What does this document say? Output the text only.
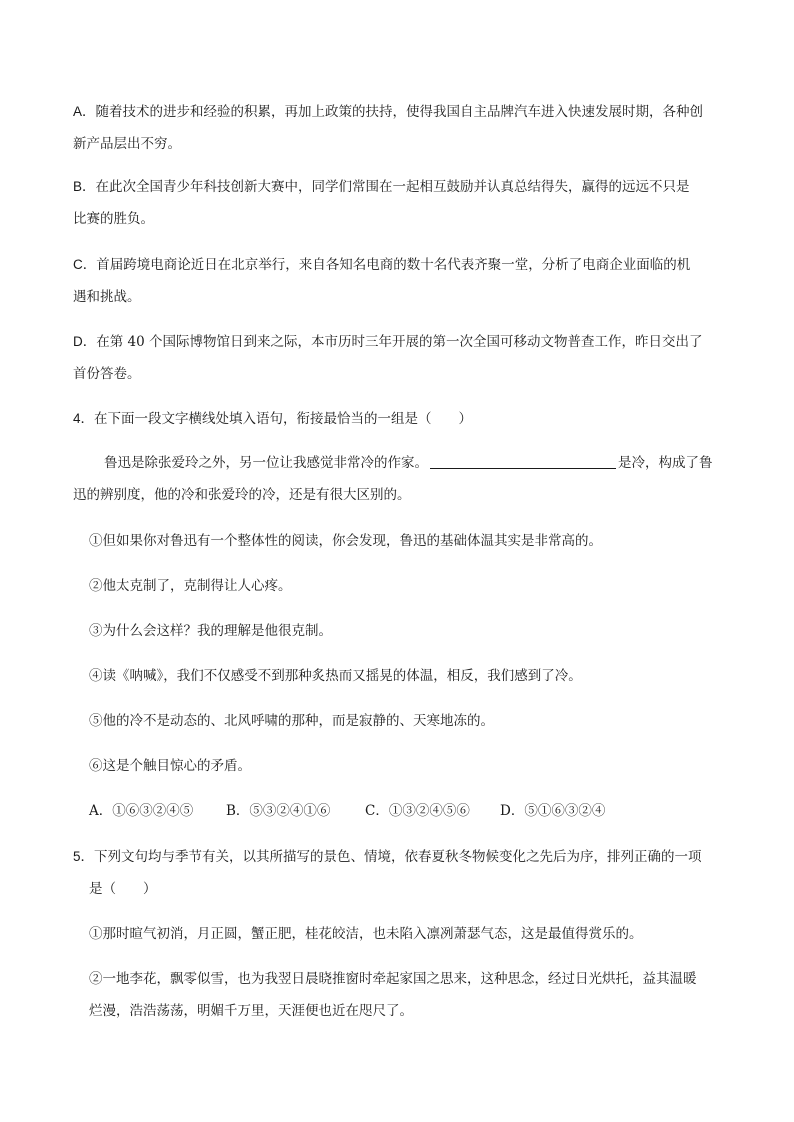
A．随着技术的进步和经验的积累，再加上政策的扶持，使得我国自主品牌汽车进入快速发展时期，各种创
新产品层出不穷。
B．在此次全国青少年科技创新大赛中，同学们常围在一起相互鼓励并认真总结得失，赢得的远远不只是
比赛的胜负。
C．首届跨境电商论近日在北京举行，来自各知名电商的数十名代表齐聚一堂，分析了电商企业面临的机
遇和挑战。
D．在第 40 个国际博物馆日到来之际，本市历时三年开展的第一次全国可移动文物普查工作，昨日交出了
首份答卷。
4．在下面一段文字横线处填入语句，衔接最恰当的一组是（　　）
鲁迅是除张爱玲之外，另一位让我感觉非常冷的作家。	是冷，构成了鲁
迅的辨别度，他的冷和张爱玲的冷，还是有很大区别的。
①但如果你对鲁迅有一个整体性的阅读，你会发现，鲁迅的基础体温其实是非常高的。
②他太克制了，克制得让人心疼。
③为什么会这样？我的理解是他很克制。
④读《呐喊》，我们不仅感受不到那种炙热而又摇晃的体温，相反，我们感到了冷。
⑤他的冷不是动态的、北风呼啸的那种，而是寂静的、天寒地冻的。
⑥这是个触目惊心的矛盾。
A．①⑥③②④⑤ B．⑤③②④①⑥	C．①③②④⑤⑥ D．⑤①⑥③②④
5．下列文句均与季节有关，以其所描写的景色、情境，依春夏秋冬物候变化之先后为序，排列正确的一项
是（　　）
①那时暄气初消，月正圆，蟹正肥，桂花皎洁，也未陷入凛冽萧瑟气态，这是最值得赏乐的。
②一地李花，飘零似雪，也为我翌日晨晓推窗时牵起家国之思来，这种思念，经过日光烘托，益其温暖
烂漫，浩浩荡荡，明媚千万里，天涯便也近在咫尺了。
